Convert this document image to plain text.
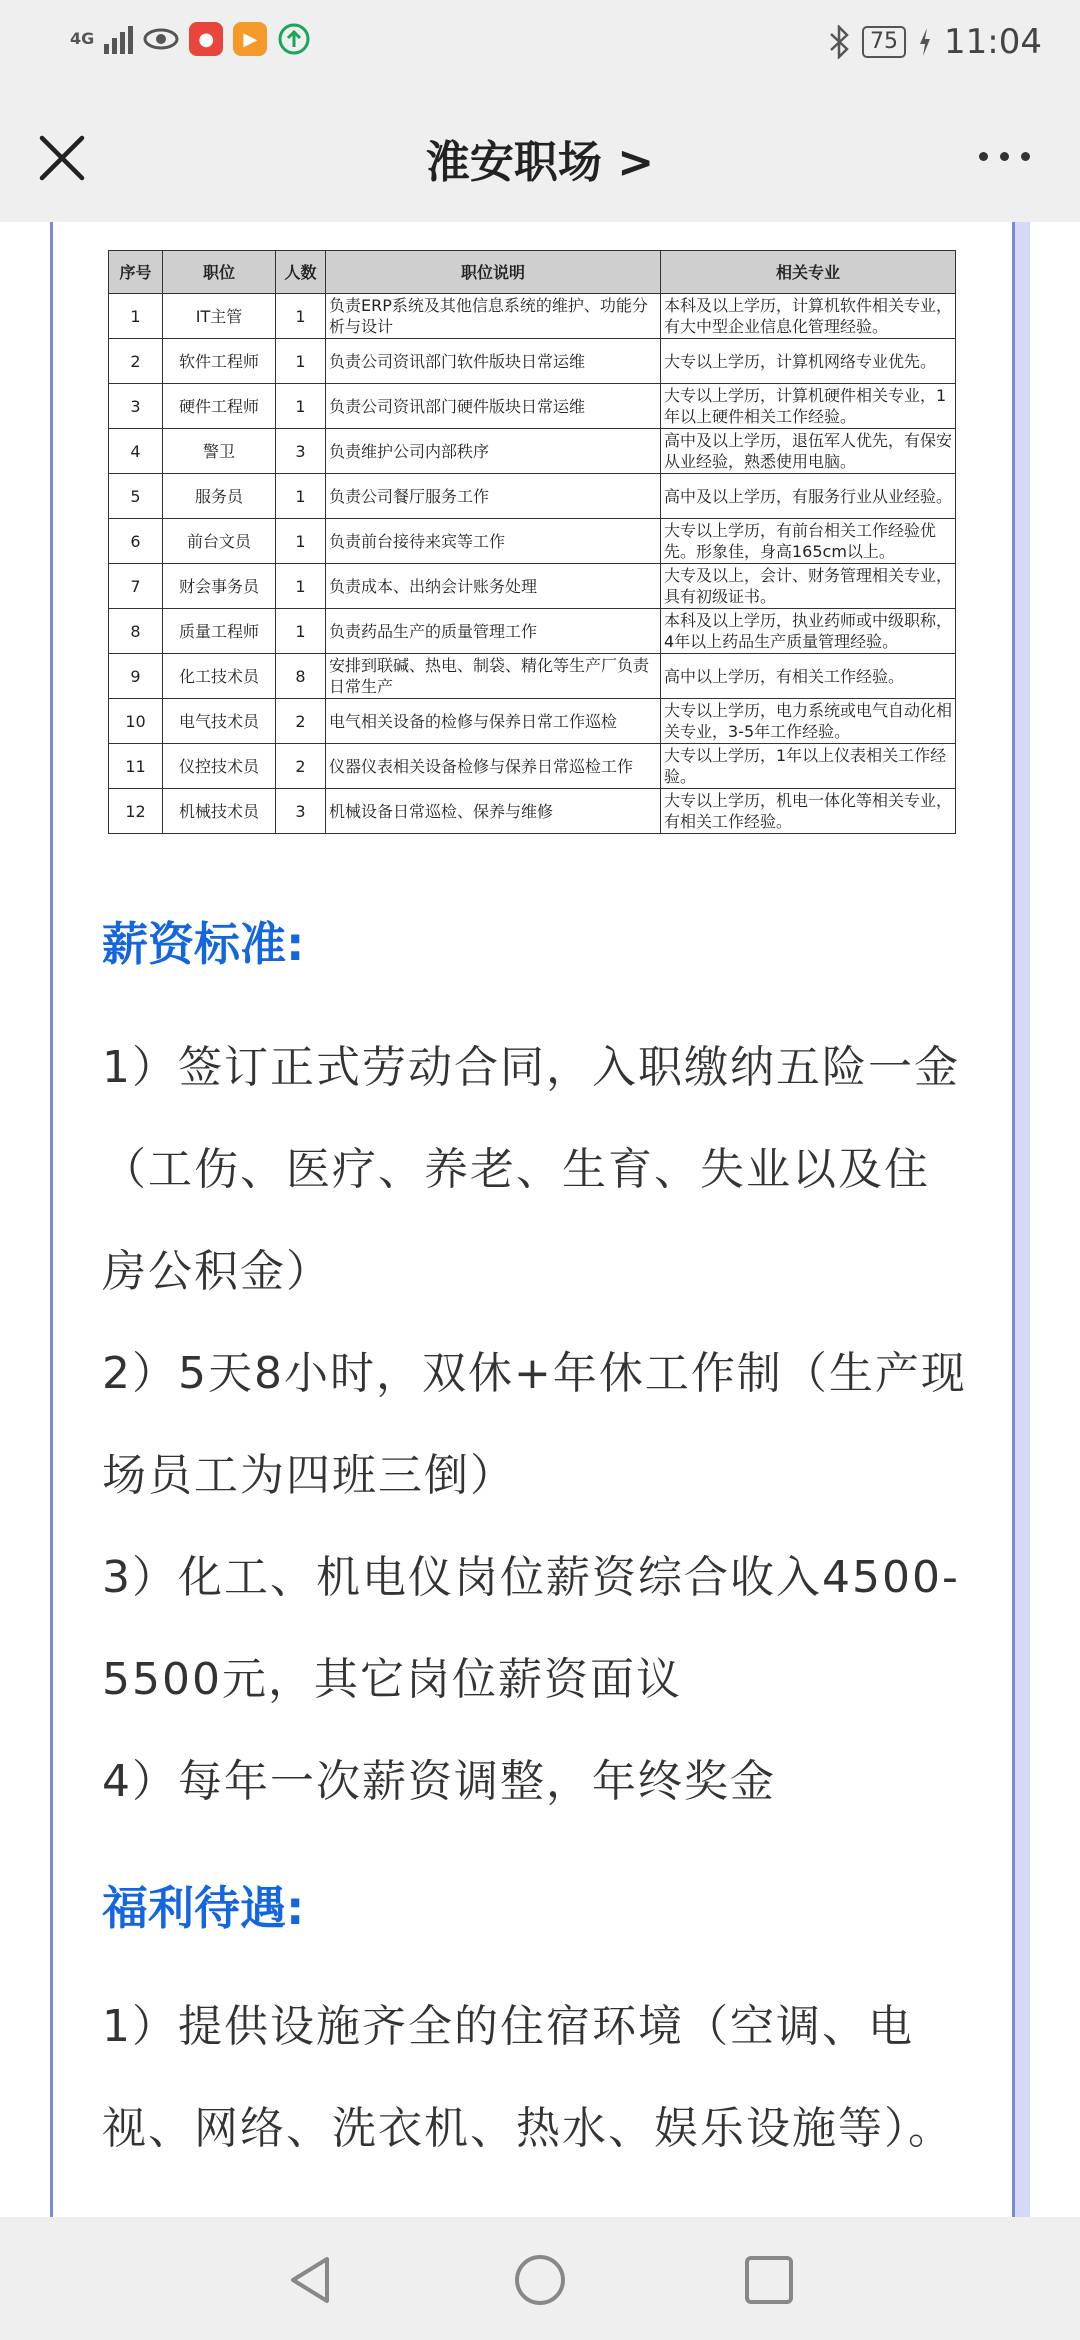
4G	●	▶	75 11:04
淮安职场 >
序号	职位	人数	职位说明	相关专业
1	IT主管	1	负责ERP系统及其他信息系统的维护、功能分析与设计	本科及以上学历，计算机软件相关专业，有大中型企业信息化管理经验。
2	软件工程师	1	负责公司资讯部门软件版块日常运维	大专以上学历，计算机网络专业优先。
3	硬件工程师	1	负责公司资讯部门硬件版块日常运维	大专以上学历，计算机硬件相关专业，1年以上硬件相关工作经验。
4	警卫	3	负责维护公司内部秩序	高中及以上学历，退伍军人优先，有保安从业经验，熟悉使用电脑。
5	服务员	1	负责公司餐厅服务工作	高中及以上学历，有服务行业从业经验。
6	前台文员	1	负责前台接待来宾等工作	大专以上学历，有前台相关工作经验优先。形象佳，身高165cm以上。
7	财会事务员	1	负责成本、出纳会计账务处理	大专及以上，会计、财务管理相关专业，具有初级证书。
8	质量工程师	1	负责药品生产的质量管理工作	本科及以上学历，执业药师或中级职称，4年以上药品生产质量管理经验。
9	化工技术员	8	安排到联碱、热电、制袋、精化等生产厂负责日常生产	高中以上学历，有相关工作经验。
10	电气技术员	2	电气相关设备的检修与保养日常工作巡检	大专以上学历，电力系统或电气自动化相关专业，3-5年工作经验。
11	仪控技术员	2	仪器仪表相关设备检修与保养日常巡检工作	大专以上学历，1年以上仪表相关工作经验。
12	机械技术员	3	机械设备日常巡检、保养与维修	大专以上学历，机电一体化等相关专业，有相关工作经验。
薪资标准:
1）签订正式劳动合同，入职缴纳五险一金（工伤、医疗、养老、生育、失业以及住房公积金）
2）5天8小时，双休+年休工作制（生产现场员工为四班三倒）
3）化工、机电仪岗位薪资综合收入4500-5500元，其它岗位薪资面议
4）每年一次薪资调整，年终奖金
福利待遇:
1）提供设施齐全的住宿环境（空调、电视、网络、洗衣机、热水、娱乐设施等）。
